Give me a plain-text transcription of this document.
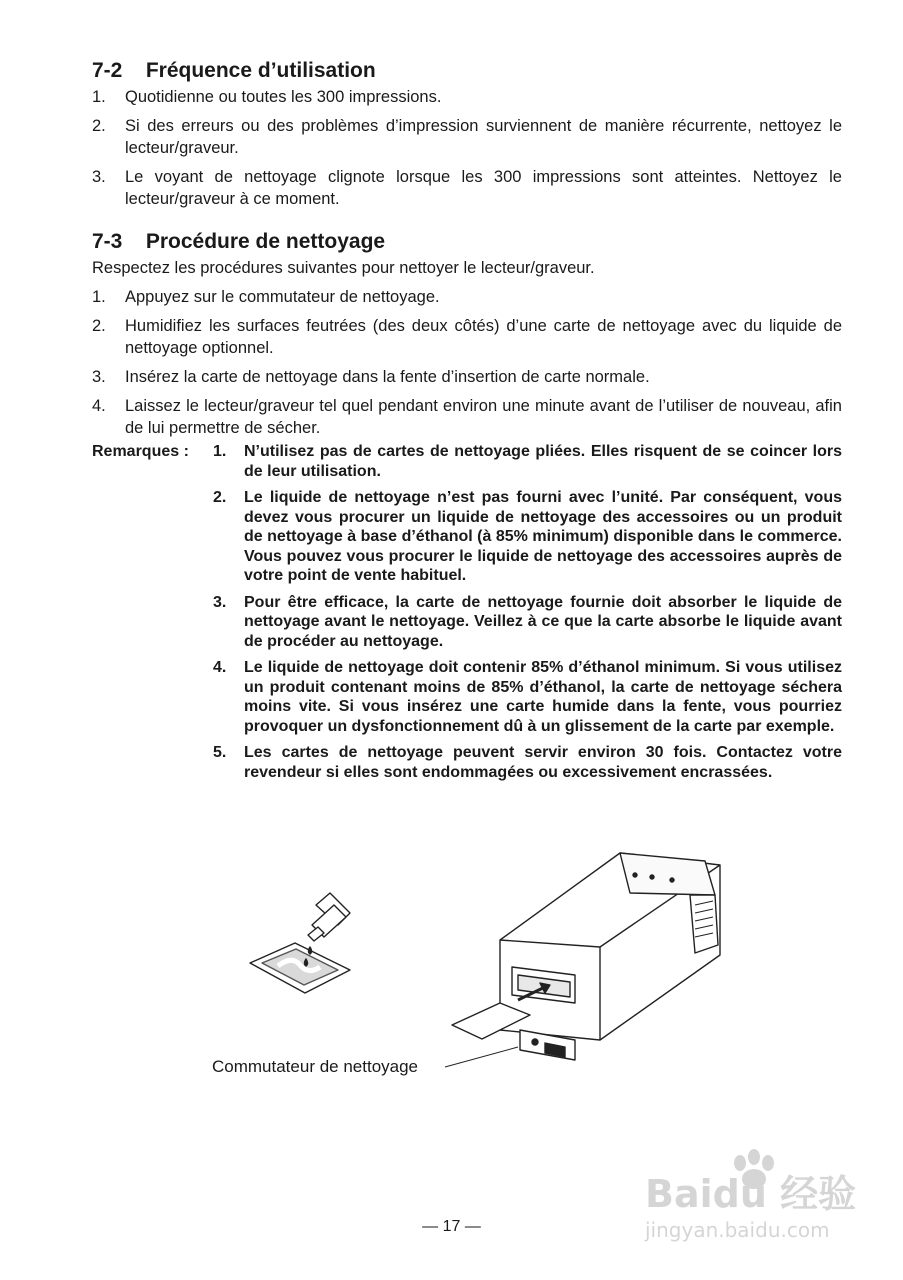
7-2 Fréquence d’utilisation
1. Quotidienne ou toutes les 300 impressions.
2. Si des erreurs ou des problèmes d’impression surviennent de manière récurrente, nettoyez le lecteur/graveur.
3. Le voyant de nettoyage clignote lorsque les 300 impressions sont atteintes. Nettoyez le lecteur/graveur à ce moment.
7-3 Procédure de nettoyage

Respectez les procédures suivantes pour nettoyer le lecteur/graveur.

1. Appuyez sur le commutateur de nettoyage.
2. Humidifiez les surfaces feutrées (des deux côtés) d’une carte de nettoyage avec du liquide de nettoyage optionnel.
3. Insérez la carte de nettoyage dans la fente d’insertion de carte normale.
4. Laissez le lecteur/graveur tel quel pendant environ une minute avant de l’utiliser de nouveau, afin de lui permettre de sécher.
Remarques : 1. N’utilisez pas de cartes de nettoyage pliées. Elles risquent de se coincer lors de leur utilisation.
2. Le liquide de nettoyage n’est pas fourni avec l’unité. Par conséquent, vous devez vous procurer un liquide de nettoyage des accessoires ou un produit de nettoyage à base d’éthanol (à 85% minimum) disponible dans le commerce. Vous pouvez vous procurer le liquide de nettoyage des accessoires auprès de votre point de vente habituel.
3. Pour être efficace, la carte de nettoyage fournie doit absorber le liquide de nettoyage avant le nettoyage. Veillez à ce que la carte absorbe le liquide avant de procéder au nettoyage.
4. Le liquide de nettoyage doit contenir 85% d’éthanol minimum. Si vous utilisez un produit contenant moins de 85% d’éthanol, la carte de nettoyage séchera moins vite. Si vous insérez une carte humide dans la fente, vous pourriez provoquer un dysfonctionnement dû à un glissement de la carte par exemple.
5. Les cartes de nettoyage peuvent servir environ 30 fois. Contactez votre revendeur si elles sont endommagées ou excessivement encrassées.
Commutateur de nettoyage
— 17 —
Baidu 经验
jingyan.baidu.com
